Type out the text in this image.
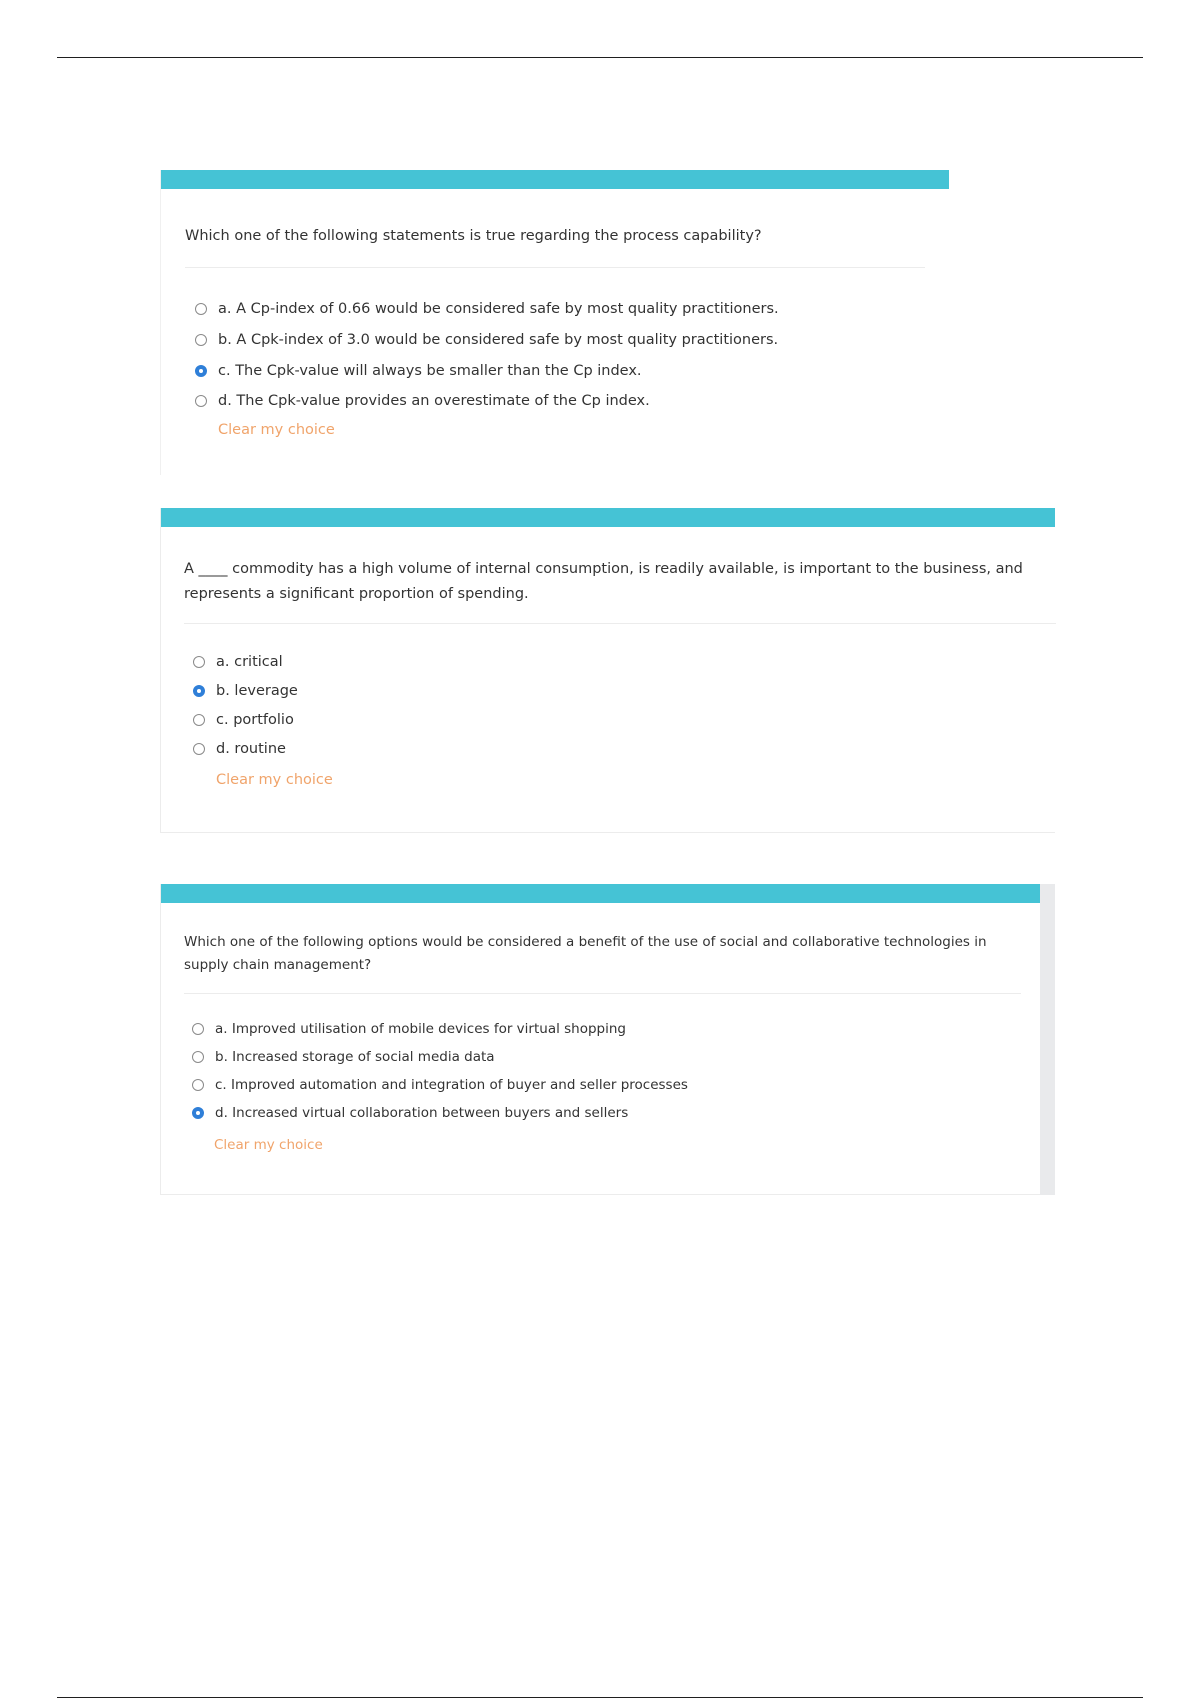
Which one of the following statements is true regarding the process capability?

a. A Cp-index of 0.66 would be considered safe by most quality practitioners.
b. A Cpk-index of 3.0 would be considered safe by most quality practitioners.
c. The Cpk-value will always be smaller than the Cp index.
d. The Cpk-value provides an overestimate of the Cp index.
Clear my choice

A ____ commodity has a high volume of internal consumption, is readily available, is important to the business, and represents a significant proportion of spending.

a. critical
b. leverage
c. portfolio
d. routine
Clear my choice

Which one of the following options would be considered a benefit of the use of social and collaborative technologies in supply chain management?

a. Improved utilisation of mobile devices for virtual shopping
b. Increased storage of social media data
c. Improved automation and integration of buyer and seller processes
d. Increased virtual collaboration between buyers and sellers
Clear my choice
